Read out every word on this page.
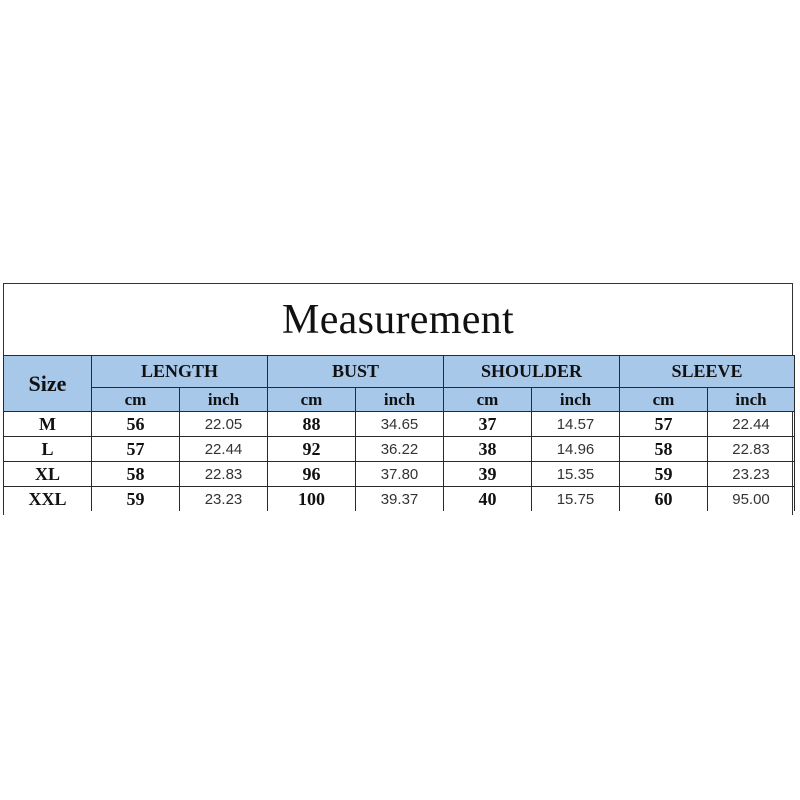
Measurement
Size	LENGTH		BUST		SHOULDER		SLEEVE	
	cm	inch	cm	inch	cm	inch	cm	inch
M	56	22.05	88	34.65	37	14.57	57	22.44
L	57	22.44	92	36.22	38	14.96	58	22.83
XL	58	22.83	96	37.80	39	15.35	59	23.23
XXL	59	23.23	100	39.37	40	15.75	60	95.00
